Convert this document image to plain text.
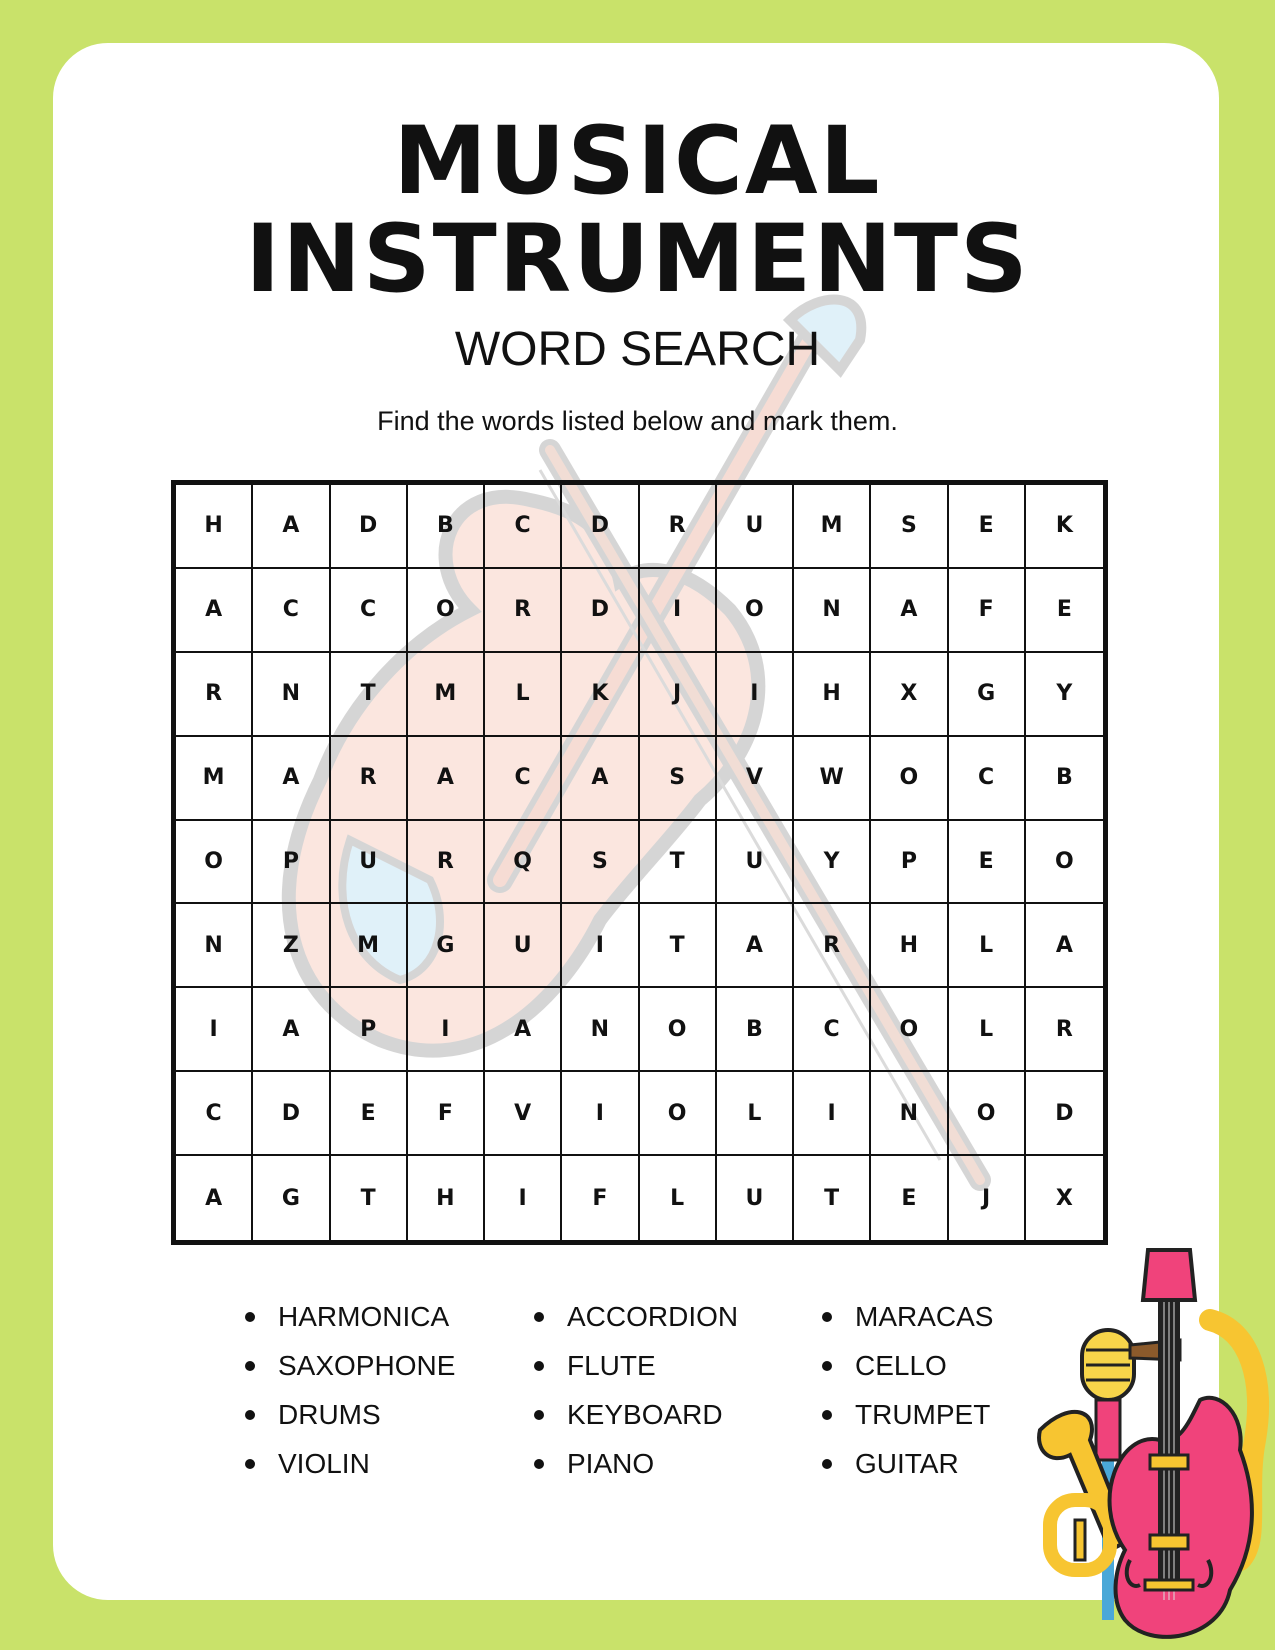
MUSICAL
INSTRUMENTS
WORD SEARCH
Find the words listed below and mark them.
H	A	D	B	C	D	R	U	M	S	E	K
A	C	C	O	R	D	I	O	N	A	F	E
R	N	T	M	L	K	J	I	H	X	G	Y
M	A	R	A	C	A	S	V	W	O	C	B
O	P	U	R	Q	S	T	U	Y	P	E	O
N	Z	M	G	U	I	T	A	R	H	L	A
I	A	P	I	A	N	O	B	C	O	L	R
C	D	E	F	V	I	O	L	I	N	O	D
A	G	T	H	I	F	L	U	T	E	J	X
HARMONICA
SAXOPHONE
DRUMS
VIOLIN
ACCORDION
FLUTE
KEYBOARD
PIANO
MARACAS
CELLO
TRUMPET
GUITAR
